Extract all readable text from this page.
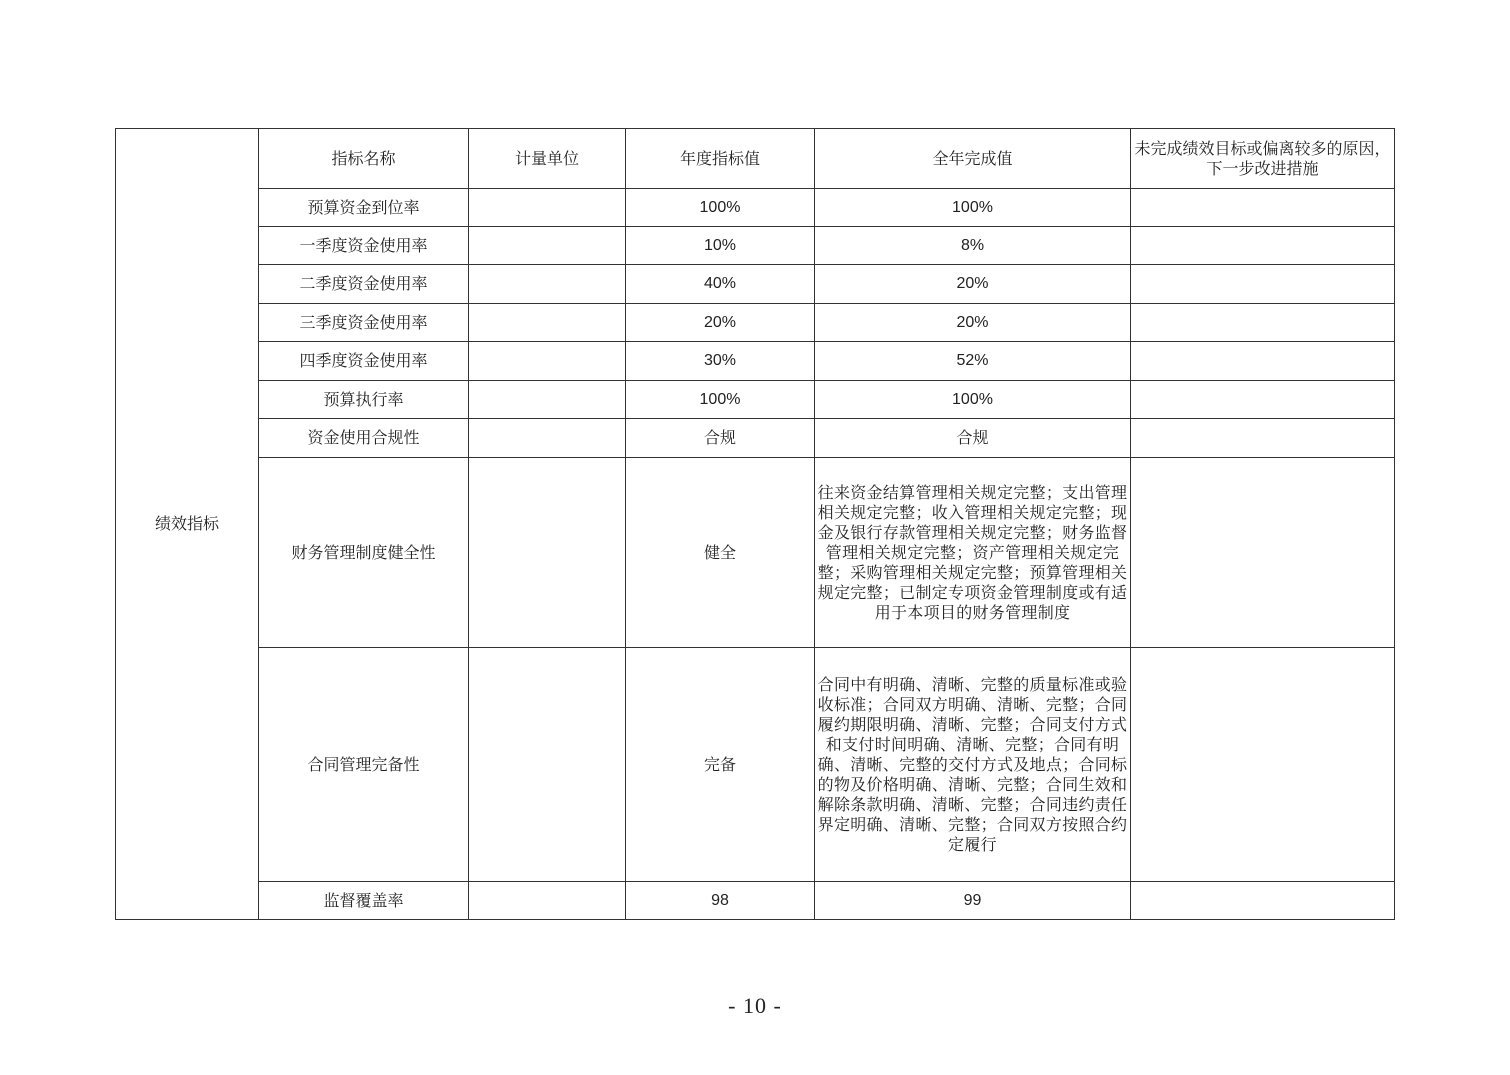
绩效指标	指标名称	计量单位	年度指标值	全年完成值	未完成绩效目标或偏离较多的原因，下一步改进措施
	预算资金到位率		100%	100%	
	一季度资金使用率		10%	8%	
	二季度资金使用率		40%	20%	
	三季度资金使用率		20%	20%	
	四季度资金使用率		30%	52%	
	预算执行率		100%	100%	
	资金使用合规性		合规	合规	
	财务管理制度健全性		健全	往来资金结算管理相关规定完整；支出管理相关规定完整；收入管理相关规定完整；现金及银行存款管理相关规定完整；财务监督管理相关规定完整；资产管理相关规定完整；采购管理相关规定完整；预算管理相关规定完整；已制定专项资金管理制度或有适用于本项目的财务管理制度	
	合同管理完备性		完备	合同中有明确、清晰、完整的质量标准或验收标准；合同双方明确、清晰、完整；合同履约期限明确、清晰、完整；合同支付方式和支付时间明确、清晰、完整；合同有明确、清晰、完整的交付方式及地点；合同标的物及价格明确、清晰、完整；合同生效和解除条款明确、清晰、完整；合同违约责任界定明确、清晰、完整；合同双方按照合约定履行	
	监督覆盖率		98	99	
- 10 -
